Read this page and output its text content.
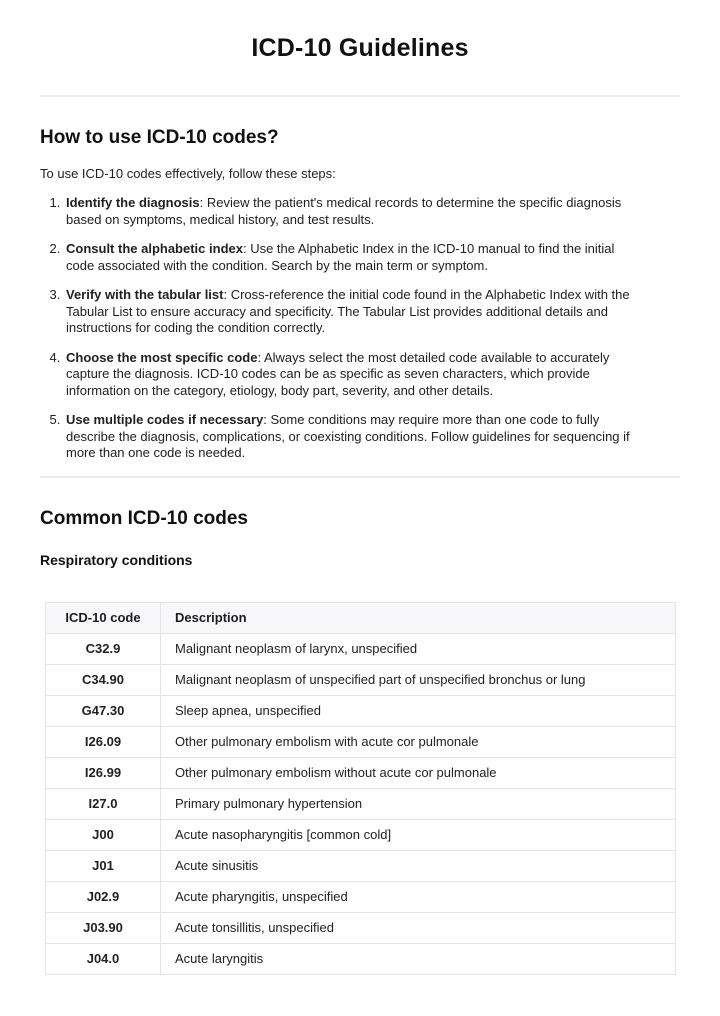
ICD-10 Guidelines
How to use ICD-10 codes?

To use ICD-10 codes effectively, follow these steps:

1. Identify the diagnosis: Review the patient's medical records to determine the specific diagnosis based on symptoms, medical history, and test results.
2. Consult the alphabetic index: Use the Alphabetic Index in the ICD-10 manual to find the initial code associated with the condition. Search by the main term or symptom.
3. Verify with the tabular list: Cross-reference the initial code found in the Alphabetic Index with the Tabular List to ensure accuracy and specificity. The Tabular List provides additional details and instructions for coding the condition correctly.
4. Choose the most specific code: Always select the most detailed code available to accurately capture the diagnosis. ICD-10 codes can be as specific as seven characters, which provide information on the category, etiology, body part, severity, and other details.
5. Use multiple codes if necessary: Some conditions may require more than one code to fully describe the diagnosis, complications, or coexisting conditions. Follow guidelines for sequencing if more than one code is needed.
Common ICD-10 codes
Respiratory conditions
ICD-10 code	Description
C32.9	Malignant neoplasm of larynx, unspecified
C34.90	Malignant neoplasm of unspecified part of unspecified bronchus or lung
G47.30	Sleep apnea, unspecified
I26.09	Other pulmonary embolism with acute cor pulmonale
I26.99	Other pulmonary embolism without acute cor pulmonale
I27.0	Primary pulmonary hypertension
J00	Acute nasopharyngitis [common cold]
J01	Acute sinusitis
J02.9	Acute pharyngitis, unspecified
J03.90	Acute tonsillitis, unspecified
J04.0	Acute laryngitis
